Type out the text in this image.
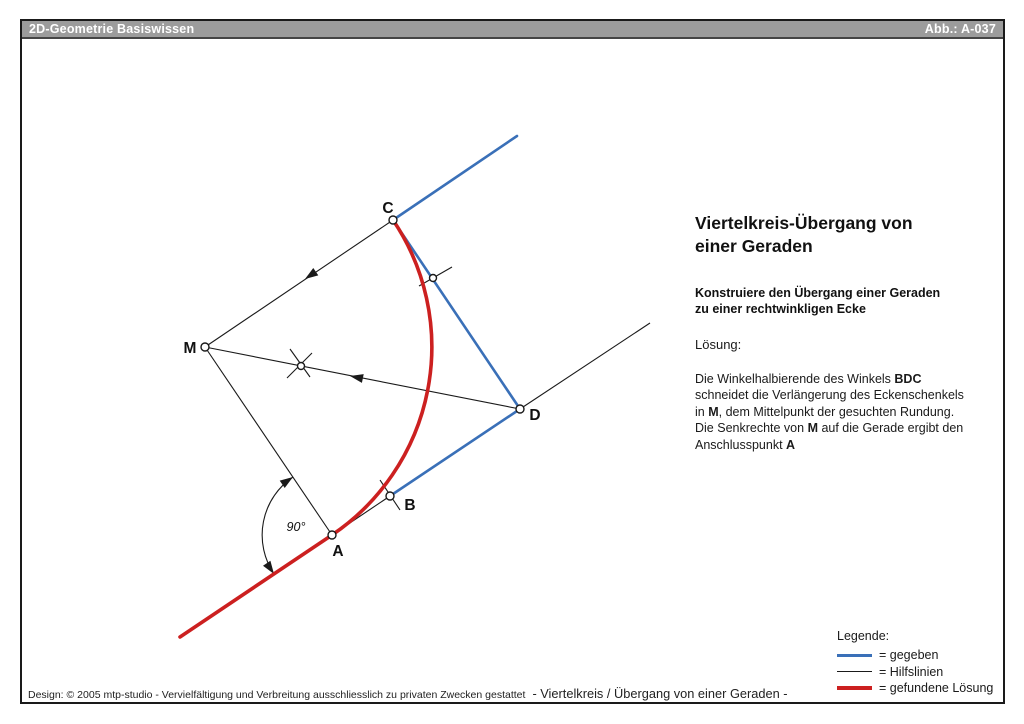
2D-Geometrie Basiswissen	Abb.: A-037
C
M
D
A
B
90°
Viertelkreis-Übergang von
einer Geraden
Konstruiere den Übergang einer Geraden
zu einer rechtwinkligen Ecke
Lösung:
Die Winkelhalbierende des Winkels BDC
schneidet die Verlängerung des Eckenschenkels
in M, dem Mittelpunkt der gesuchten Rundung.
Die Senkrechte von M auf die Gerade ergibt den
Anschlusspunkt A
Legende:
= gegeben
= Hilfslinien
= gefundene Lösung
Design: © 2005 mtp-studio - Vervielfältigung und Verbreitung ausschliesslich zu privaten Zwecken gestattet - Viertelkreis / Übergang von einer Geraden -
